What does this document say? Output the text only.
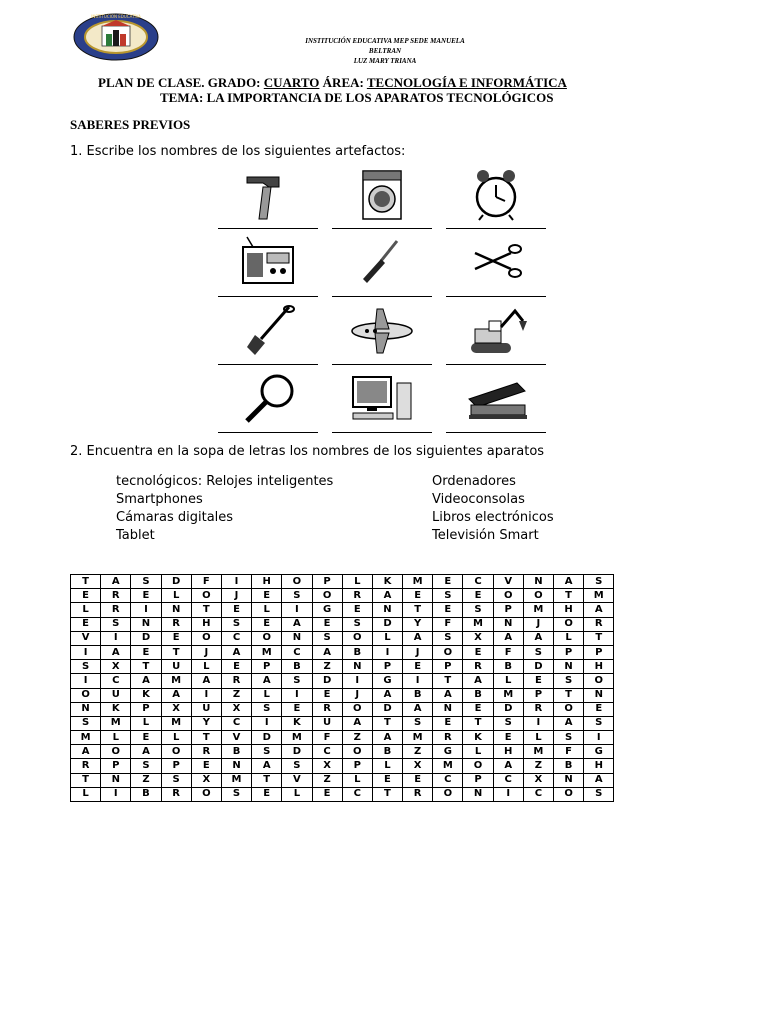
INSTITUCION EDUCATIVA
INSTITUCIÓN EDUCATIVA MEP SEDE MANUELA
BELTRAN
LUZ MARY TRIANA
PLAN DE CLASE. GRADO: CUARTO ÁREA: TECNOLOGÍA E INFORMÁTICA
TEMA: LA IMPORTANCIA DE LOS APARATOS TECNOLÓGICOS
SABERES PREVIOS
1. Escribe los nombres de los siguientes artefactos:
2. Encuentra en la sopa de letras los nombres de los siguientes aparatos
tecnológicos: Relojes inteligentes
Smartphones
Cámaras digitales
Tablet
Ordenadores
Videoconsolas
Libros electrónicos
Televisión Smart
T	A	S	D	F	I	H	O	P	L	K	M	E	C	V	N	A	S
E	R	E	L	O	J	E	S	O	R	A	E	S	E	O	O	T	M
L	R	I	N	T	E	L	I	G	E	N	T	E	S	P	M	H	A
E	S	N	R	H	S	E	A	E	S	D	Y	F	M	Ñ	J	O	R
V	I	D	E	O	C	O	N	S	O	L	A	S	X	A	A	L	T
I	A	E	T	J	A	M	C	A	B	I	J	O	E	F	S	P	P
S	X	T	U	L	E	P	B	Z	N	P	E	P	R	B	D	N	H
I	C	A	M	A	R	A	S	D	I	G	I	T	A	L	E	S	O
O	U	K	A	I	Z	L	I	E	J	A	B	A	B	M	P	T	N
N	K	P	X	U	X	S	E	R	O	D	A	N	E	D	R	O	E
S	M	L	M	Y	C	I	K	U	A	T	S	E	T	S	I	A	S
M	L	E	L	T	V	D	M	F	Z	A	M	R	K	E	L	S	I
A	O	A	O	R	B	S	D	C	O	B	Z	G	L	H	M	F	G
R	P	S	P	E	N	A	S	X	P	L	X	M	O	A	Z	B	H
T	N	Z	S	X	M	T	V	Z	L	E	E	C	P	C	X	N	A
L	I	B	R	O	S	E	L	E	C	T	R	O	N	I	C	O	S
